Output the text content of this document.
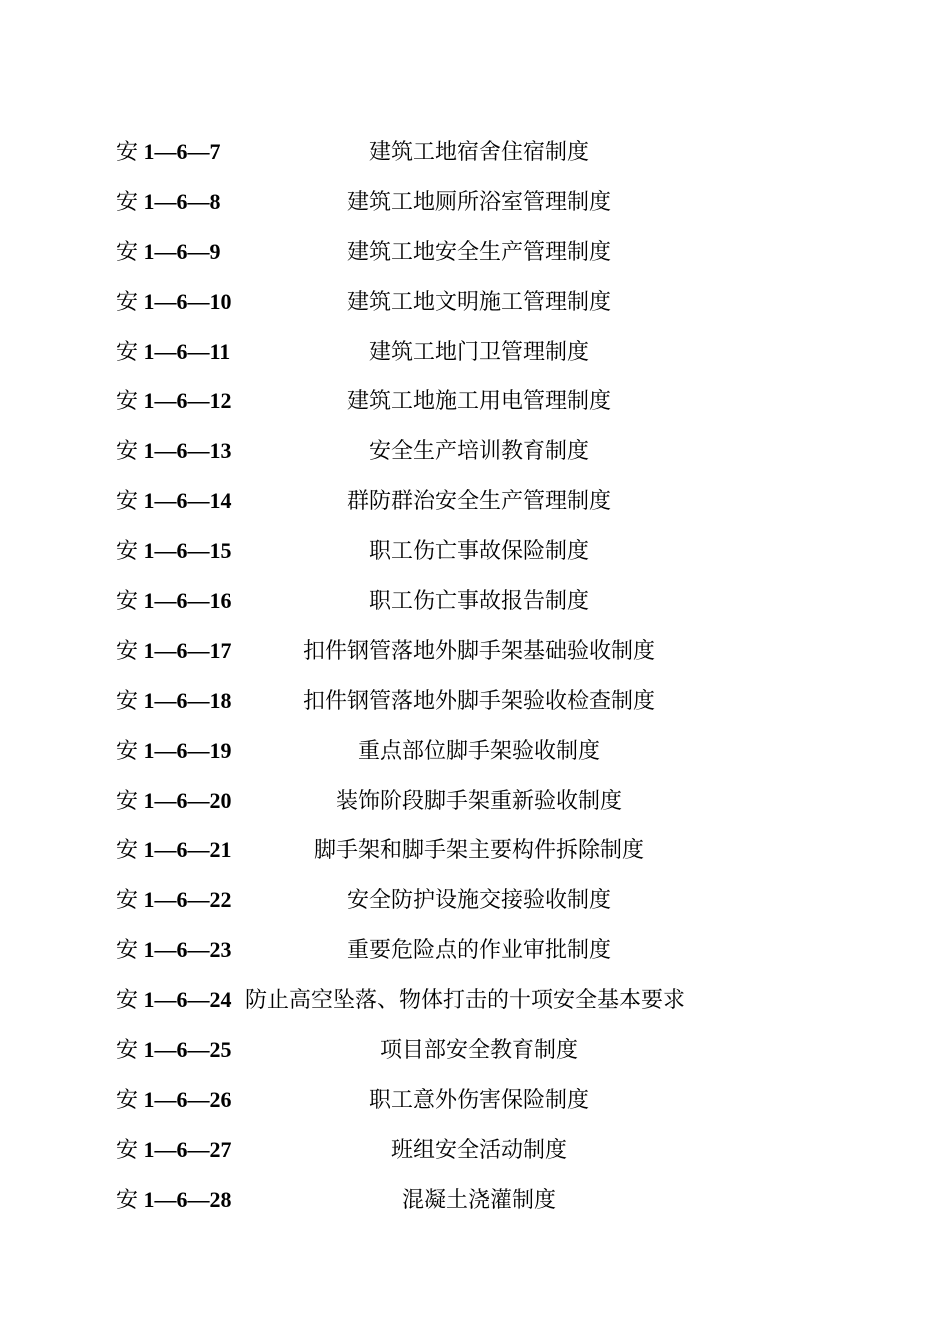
安 1—6—7	建筑工地宿舍住宿制度
安 1—6—8	建筑工地厕所浴室管理制度
安 1—6—9	建筑工地安全生产管理制度
安 1—6—10	建筑工地文明施工管理制度
安 1—6—11	建筑工地门卫管理制度
安 1—6—12	建筑工地施工用电管理制度
安 1—6—13	安全生产培训教育制度
安 1—6—14	群防群治安全生产管理制度
安 1—6—15	职工伤亡事故保险制度
安 1—6—16	职工伤亡事故报告制度
安 1—6—17	扣件钢管落地外脚手架基础验收制度
安 1—6—18	扣件钢管落地外脚手架验收检查制度
安 1—6—19	重点部位脚手架验收制度
安 1—6—20	装饰阶段脚手架重新验收制度
安 1—6—21	脚手架和脚手架主要构件拆除制度
安 1—6—22	安全防护设施交接验收制度
安 1—6—23	重要危险点的作业审批制度
安 1—6—24 防止高空坠落、物体打击的十项安全基本要求
安 1—6—25	项目部安全教育制度
安 1—6—26	职工意外伤害保险制度
安 1—6—27	班组安全活动制度
安 1—6—28	混凝土浇灌制度
